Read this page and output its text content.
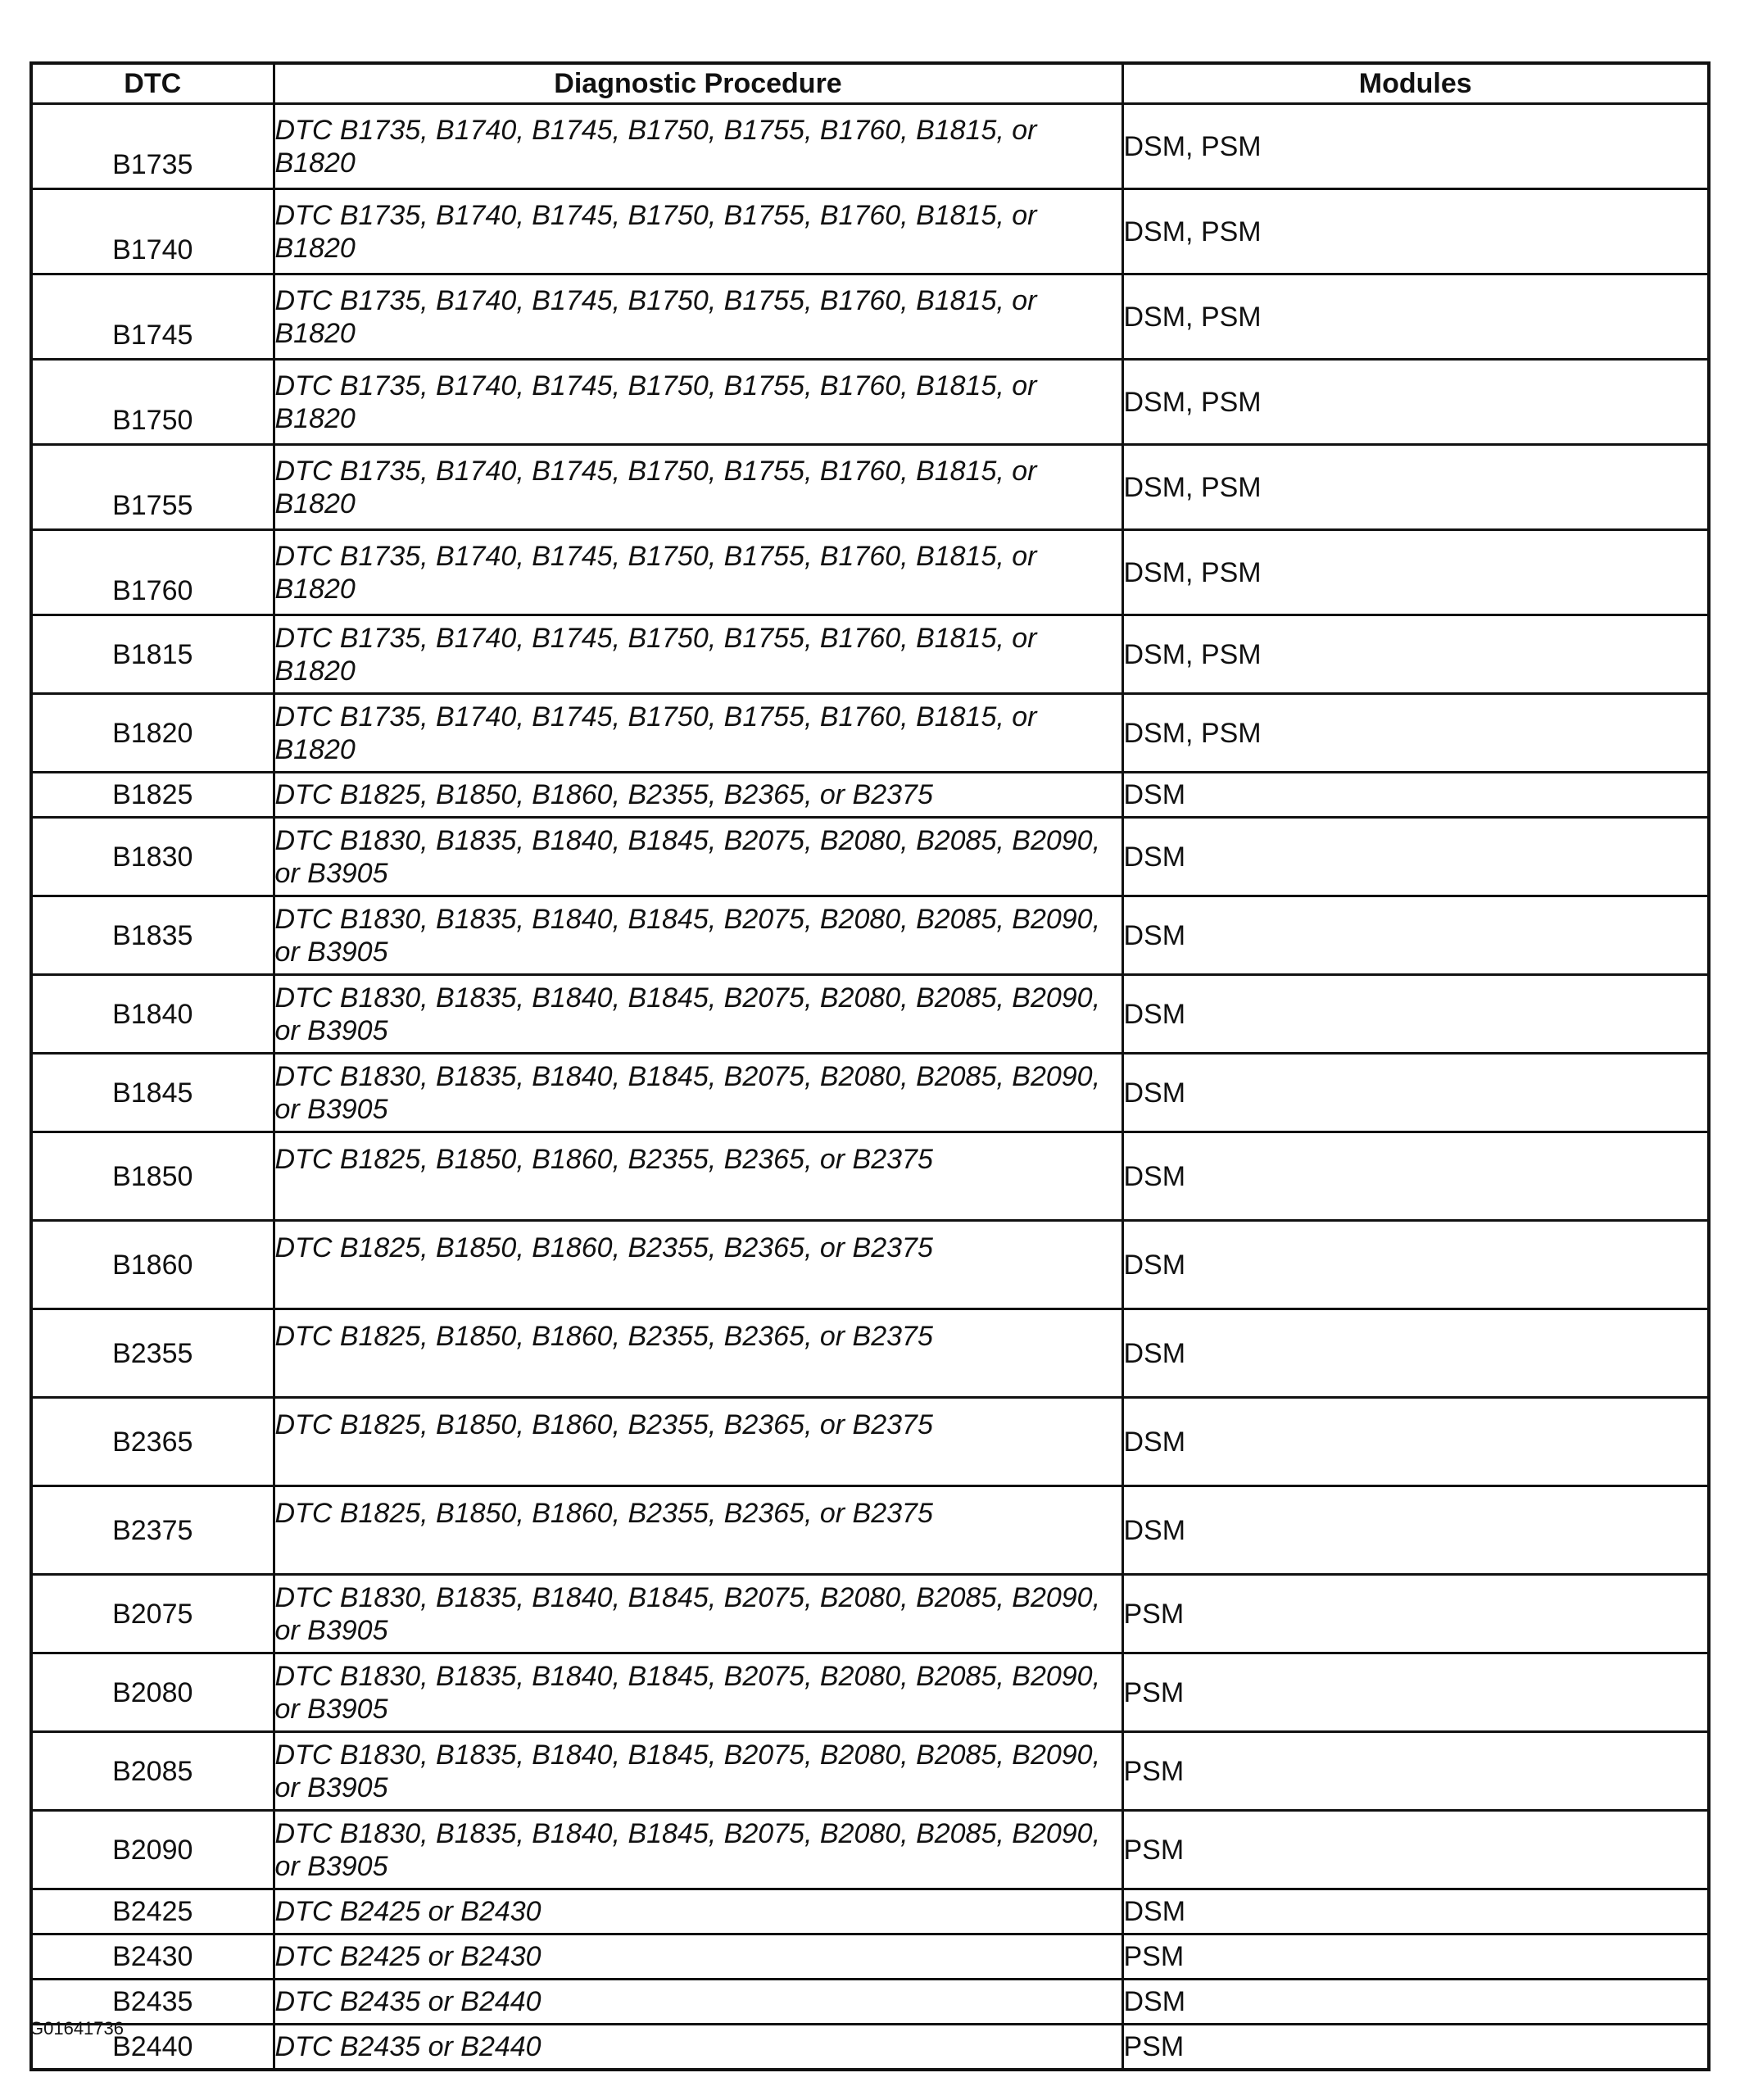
DTC	Diagnostic Procedure	Modules
B1735	DTC B1735, B1740, B1745, B1750, B1755, B1760, B1815, or B1820	DSM, PSM
B1740	DTC B1735, B1740, B1745, B1750, B1755, B1760, B1815, or B1820	DSM, PSM
B1745	DTC B1735, B1740, B1745, B1750, B1755, B1760, B1815, or B1820	DSM, PSM
B1750	DTC B1735, B1740, B1745, B1750, B1755, B1760, B1815, or B1820	DSM, PSM
B1755	DTC B1735, B1740, B1745, B1750, B1755, B1760, B1815, or B1820	DSM, PSM
B1760	DTC B1735, B1740, B1745, B1750, B1755, B1760, B1815, or B1820	DSM, PSM
B1815	DTC B1735, B1740, B1745, B1750, B1755, B1760, B1815, or B1820	DSM, PSM
B1820	DTC B1735, B1740, B1745, B1750, B1755, B1760, B1815, or B1820	DSM, PSM
B1825	DTC B1825, B1850, B1860, B2355, B2365, or B2375	DSM
B1830	DTC B1830, B1835, B1840, B1845, B2075, B2080, B2085, B2090, or B3905	DSM
B1835	DTC B1830, B1835, B1840, B1845, B2075, B2080, B2085, B2090, or B3905	DSM
B1840	DTC B1830, B1835, B1840, B1845, B2075, B2080, B2085, B2090, or B3905	DSM
B1845	DTC B1830, B1835, B1840, B1845, B2075, B2080, B2085, B2090, or B3905	DSM
B1850	DTC B1825, B1850, B1860, B2355, B2365, or B2375	DSM
B1860	DTC B1825, B1850, B1860, B2355, B2365, or B2375	DSM
B2355	DTC B1825, B1850, B1860, B2355, B2365, or B2375	DSM
B2365	DTC B1825, B1850, B1860, B2355, B2365, or B2375	DSM
B2375	DTC B1825, B1850, B1860, B2355, B2365, or B2375	DSM
B2075	DTC B1830, B1835, B1840, B1845, B2075, B2080, B2085, B2090, or B3905	PSM
B2080	DTC B1830, B1835, B1840, B1845, B2075, B2080, B2085, B2090, or B3905	PSM
B2085	DTC B1830, B1835, B1840, B1845, B2075, B2080, B2085, B2090, or B3905	PSM
B2090	DTC B1830, B1835, B1840, B1845, B2075, B2080, B2085, B2090, or B3905	PSM
B2425	DTC B2425 or B2430	DSM
B2430	DTC B2425 or B2430	PSM
B2435	DTC B2435 or B2440	DSM
B2440	DTC B2435 or B2440	PSM
G01641736
